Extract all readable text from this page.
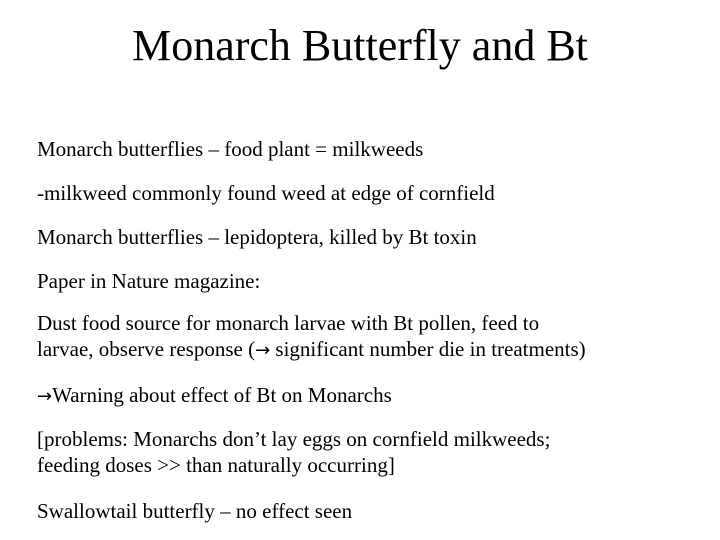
Monarch Butterfly and Bt
Monarch butterflies – food plant = milkweeds
-milkweed commonly found weed at edge of cornfield
Monarch butterflies – lepidoptera, killed by Bt toxin
Paper in Nature magazine:
Dust food source for monarch larvae with Bt pollen, feed to
larvae, observe response (→ significant number die in treatments)
→Warning about effect of Bt on Monarchs
[problems: Monarchs don’t lay eggs on cornfield milkweeds;
feeding doses >> than naturally occurring]
Swallowtail butterfly – no effect seen
